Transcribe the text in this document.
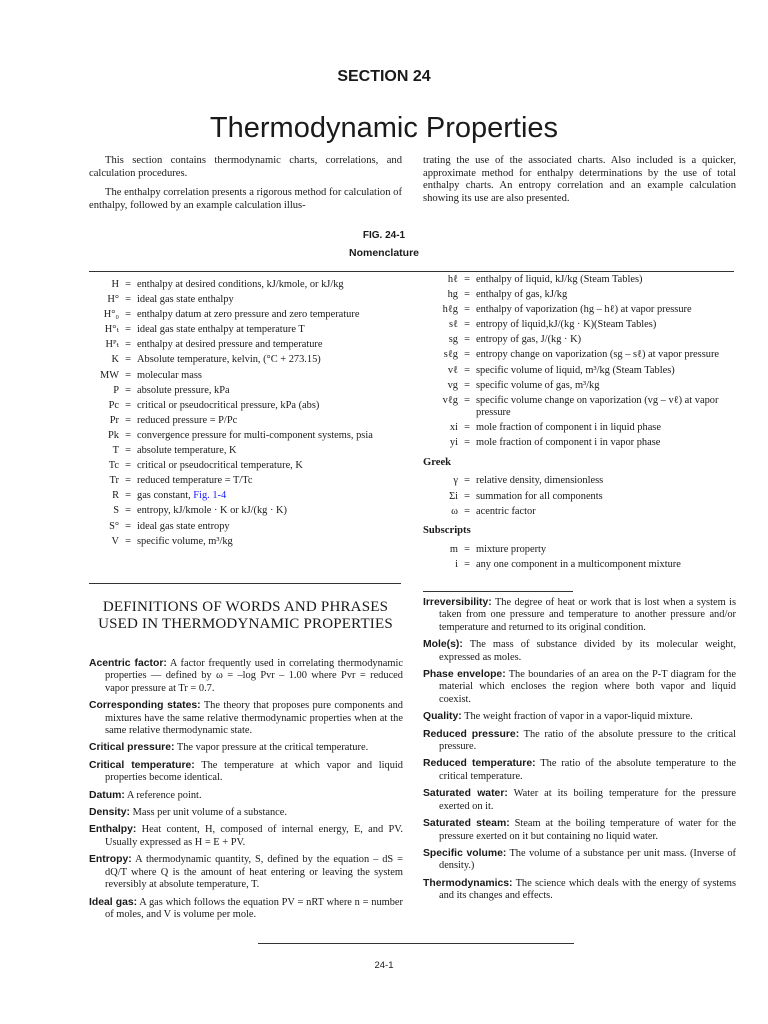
SECTION 24
Thermodynamic Properties

This section contains thermodynamic charts, correlations, and calculation procedures.

The enthalpy correlation presents a rigorous method for calculation of enthalpy, followed by an example calculation illus-

trating the use of the associated charts. Also included is a quicker, approximate method for enthalpy determinations by the use of total enthalpy charts. An entropy correlation and an example calculation showing its use are also presented.

FIG. 24-1
Nomenclature
H = enthalpy at desired conditions, kJ/kmole, or kJ/kg
H° = ideal gas state enthalpy
H°₀ = enthalpy datum at zero pressure and zero temperature
H°ₜ = ideal gas state enthalpy at temperature T
Hᴾₜ = enthalpy at desired pressure and temperature
K = Absolute temperature, kelvin, (°C + 273.15)
MW = molecular mass
P = absolute pressure, kPa
Pc = critical or pseudocritical pressure, kPa (abs)
Pr = reduced pressure = P/Pc
Pk = convergence pressure for multi-component systems, psia
T = absolute temperature, K
Tc = critical or pseudocritical temperature, K
Tr = reduced temperature = T/Tc
R = gas constant, Fig. 1-4
S = entropy, kJ/kmole · K or kJ/(kg · K)
S° = ideal gas state entropy
V = specific volume, m³/kg
hℓ = enthalpy of liquid, kJ/kg (Steam Tables)
hg = enthalpy of gas, kJ/kg
hℓg = enthalpy of vaporization (hg – hℓ) at vapor pressure
sℓ = entropy of liquid,kJ/(kg · K)(Steam Tables)
sg = entropy of gas, J/(kg · K)
sℓg = entropy change on vaporization (sg – sℓ) at vapor pressure
vℓ = specific volume of liquid, m³/kg (Steam Tables)
vg = specific volume of gas, m³/kg
vℓg = specific volume change on vaporization (vg – vℓ) at vapor pressure
xi = mole fraction of component i in liquid phase
yi = mole fraction of component i in vapor phase
Greek
γ = relative density, dimensionless
Σi = summation for all components
ω = acentric factor
Subscripts
m = mixture property
i = any one component in a multicomponent mixture
DEFINITIONS OF WORDS AND PHRASES USED IN THERMODYNAMIC PROPERTIES

Acentric factor: A factor frequently used in correlating thermodynamic properties — defined by ω = –log Pvr – 1.00 where Pvr = reduced vapor pressure at Tr = 0.7.

Corresponding states: The theory that proposes pure components and mixtures have the same relative thermodynamic properties when at the same relative thermodynamic state.

Critical pressure: The vapor pressure at the critical temperature.

Critical temperature: The temperature at which vapor and liquid properties become identical.

Datum: A reference point.

Density: Mass per unit volume of a substance.

Enthalpy: Heat content, H, composed of internal energy, E, and PV. Usually expressed as H = E + PV.

Entropy: A thermodynamic quantity, S, defined by the equation – dS = dQ/T where Q is the amount of heat entering or leaving the system reversibly at absolute temperature, T.

Ideal gas: A gas which follows the equation PV = nRT where n = number of moles, and V is volume per mole.

Irreversibility: The degree of heat or work that is lost when a system is taken from one pressure and temperature to another pressure and/or temperature and returned to its original condition.

Mole(s): The mass of substance divided by its molecular weight, expressed as moles.

Phase envelope: The boundaries of an area on the P-T diagram for the material which encloses the region where both vapor and liquid coexist.

Quality: The weight fraction of vapor in a vapor-liquid mixture.

Reduced pressure: The ratio of the absolute pressure to the critical pressure.

Reduced temperature: The ratio of the absolute temperature to the critical temperature.

Saturated water: Water at its boiling temperature for the pressure exerted on it.

Saturated steam: Steam at the boiling temperature of water for the pressure exerted on it but containing no liquid water.

Specific volume: The volume of a substance per unit mass. (Inverse of density.)

Thermodynamics: The science which deals with the energy of systems and its changes and effects.

24-1
